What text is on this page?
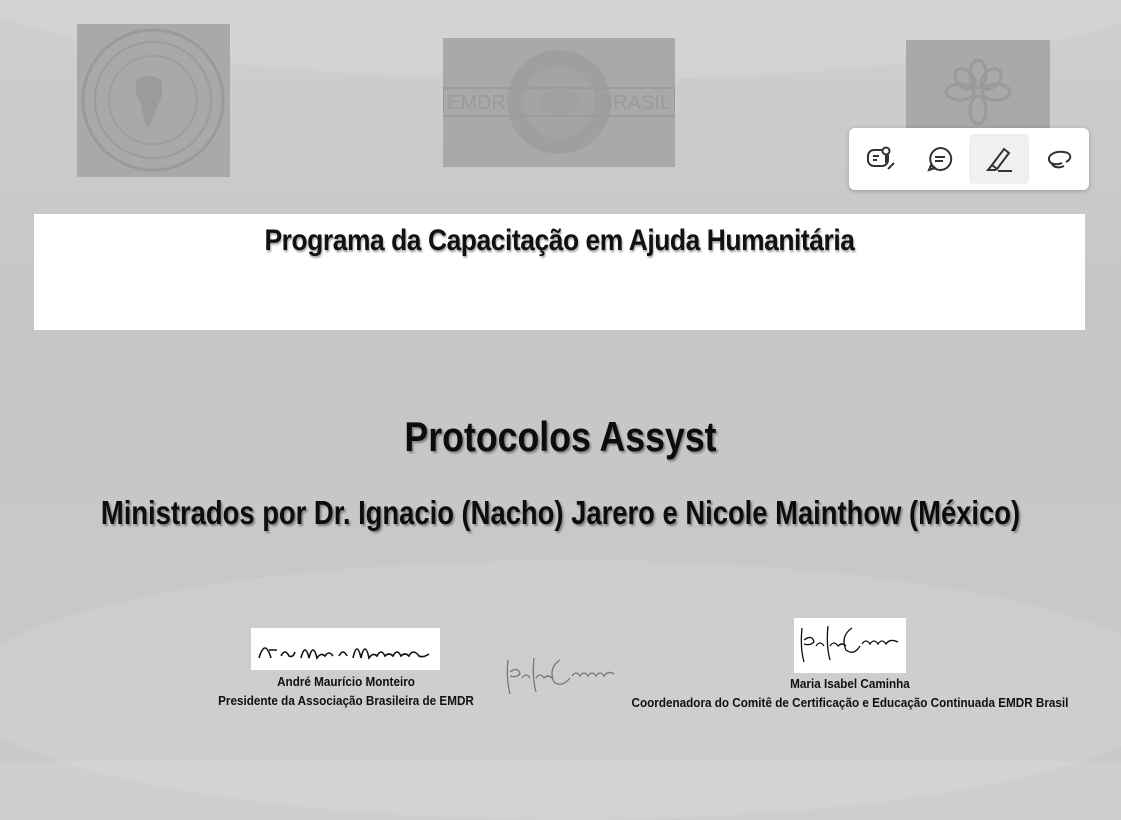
EMDR	BRASIL
Programa da Capacitação em Ajuda Humanitária
Protocolos Assyst
Ministrados por Dr. Ignacio (Nacho) Jarero e Nicole Mainthow (México)
André Maurício Monteiro
Presidente da Associação Brasileira de EMDR
Maria Isabel Caminha
Coordenadora do Comitê de Certificação e Educação Continuada EMDR Brasil
